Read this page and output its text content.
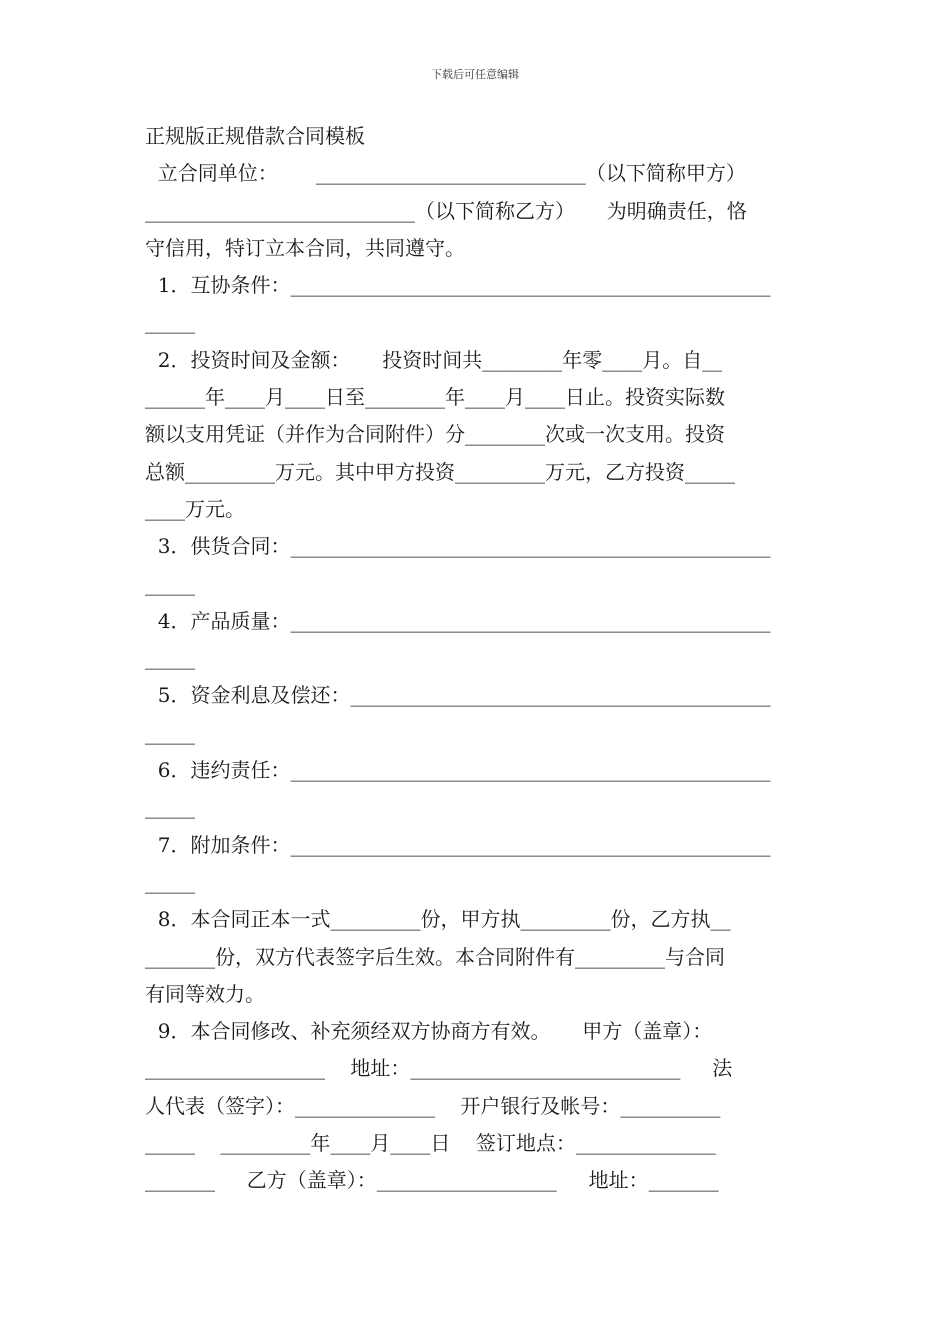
下载后可任意编辑
正规版正规借款合同模板
立合同单位：      ___________________________（以下简称甲方）
___________________________（以下简称乙方）     为明确责任，恪
守信用，特订立本合同，共同遵守。
1．互协条件：________________________________________________
_____
2．投资时间及金额：     投资时间共________年零____月。自__
______年____月____日至________年____月____日止。投资实际数
额以支用凭证（并作为合同附件）分________次或一次支用。投资
总额_________万元。其中甲方投资_________万元，乙方投资_____
____万元。
3．供货合同：________________________________________________
_____
4．产品质量：________________________________________________
_____
5．资金利息及偿还：__________________________________________
_____
6．违约责任：________________________________________________
_____
7．附加条件：________________________________________________
_____
8．本合同正本一式_________份，甲方执_________份，乙方执__
_______份，双方代表签字后生效。本合同附件有_________与合同
有同等效力。
9．本合同修改、补充须经双方协商方有效。     甲方（盖章）：
__________________    地址：___________________________     法
人代表（签字）：______________    开户银行及帐号：__________
_____    _________年____月____日    签订地点：______________
_______     乙方（盖章）：__________________     地址：_______
